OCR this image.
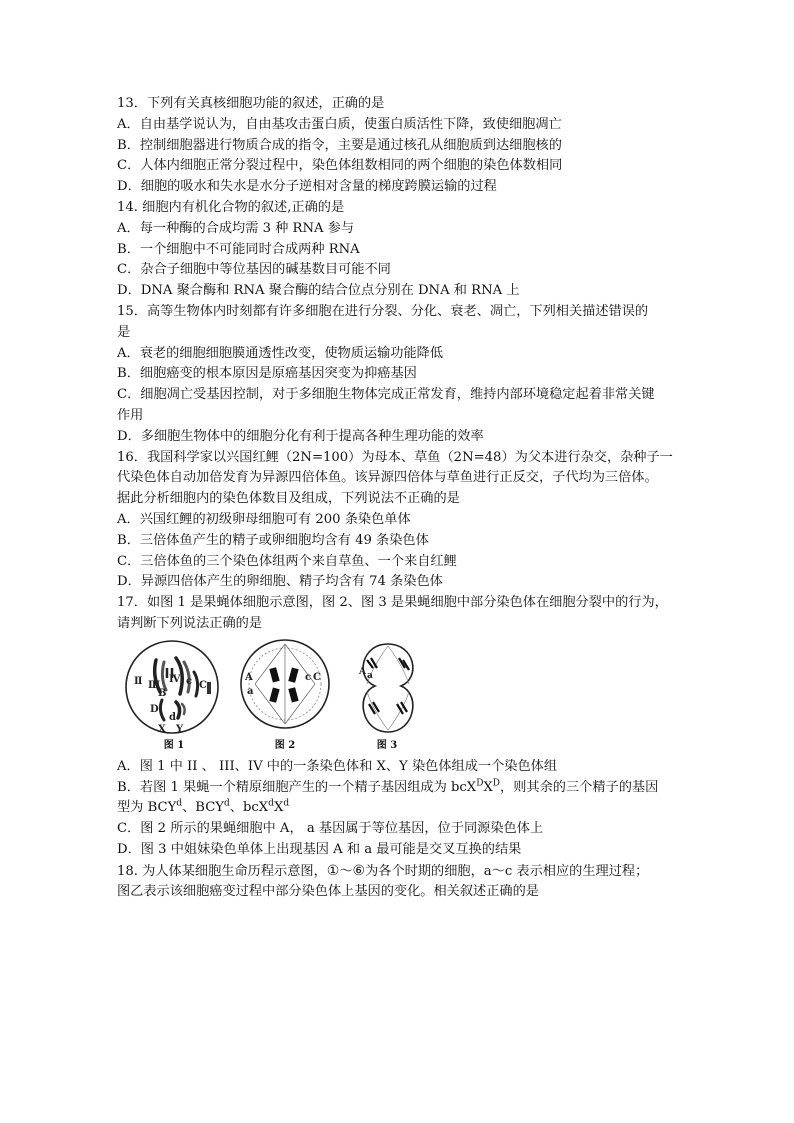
13．下列有关真核细胞功能的叙述，正确的是
A．自由基学说认为，自由基攻击蛋白质，使蛋白质活性下降，致使细胞凋亡
B．控制细胞器进行物质合成的指令，主要是通过核孔从细胞质到达细胞核的
C．人体内细胞正常分裂过程中，染色体组数相同的两个细胞的染色体数相同
D．细胞的吸水和失水是水分子逆相对含量的梯度跨膜运输的过程
14. 细胞内有机化合物的叙述,正确的是
A．每一种酶的合成均需 3 种 RNA 参与
B．一个细胞中不可能同时合成两种 RNA
C．杂合子细胞中等位基因的碱基数目可能不同
D．DNA 聚合酶和 RNA 聚合酶的结合位点分别在 DNA 和 RNA 上
15．高等生物体内时刻都有许多细胞在进行分裂、分化、衰老、凋亡，下列相关描述错误的
是
A．衰老的细胞细胞膜通透性改变，使物质运输功能降低
B．细胞癌变的根本原因是原癌基因突变为抑癌基因
C．细胞凋亡受基因控制，对于多细胞生物体完成正常发育，维持内部环境稳定起着非常关键
作用
D．多细胞生物体中的细胞分化有利于提高各种生理功能的效率
16．我国科学家以兴国红鲤（2N=100）为母本、草鱼（2N=48）为父本进行杂交，杂种子一
代染色体自动加倍发育为异源四倍体鱼。该异源四倍体与草鱼进行正反交，子代均为三倍体。
据此分析细胞内的染色体数目及组成，下列说法不正确的是
A．兴国红鲤的初级卵母细胞可有 200 条染色单体
B．三倍体鱼产生的精子或卵细胞均含有 49 条染色体
C．三倍体鱼的三个染色体组两个来自草鱼、一个来自红鲤
D．异源四倍体产生的卵细胞、精子均含有 74 条染色体
17．如图 1 是果蝇体细胞示意图，图 2、图 3 是果蝇细胞中部分染色体在细胞分裂中的行为，
请判断下列说法正确的是
Ⅱ Ⅲ
Ⅳ
B
c C
D
d
X Y
图 1
A
a
c C
图 2
A a
图 3
A．图 1 中 II 、 III、IV 中的一条染色体和 X、Y 染色体组成一个染色体组
B．若图 1 果蝇一个精原细胞产生的一个精子基因组成为 $bcX^DX^D$，则其余的三个精子的基因
型为 BCY$^d$、BCY$^d$、$bcX^dX^d$
C．图 2 所示的果蝇细胞中 A， a 基因属于等位基因，位于同源染色体上
D．图 3 中姐妹染色单体上出现基因 A 和 a 最可能是交叉互换的结果
18. 为人体某细胞生命历程示意图，①～⑥为各个时期的细胞，a～c 表示相应的生理过程；
图乙表示该细胞癌变过程中部分染色体上基因的变化。相关叙述正确的是
